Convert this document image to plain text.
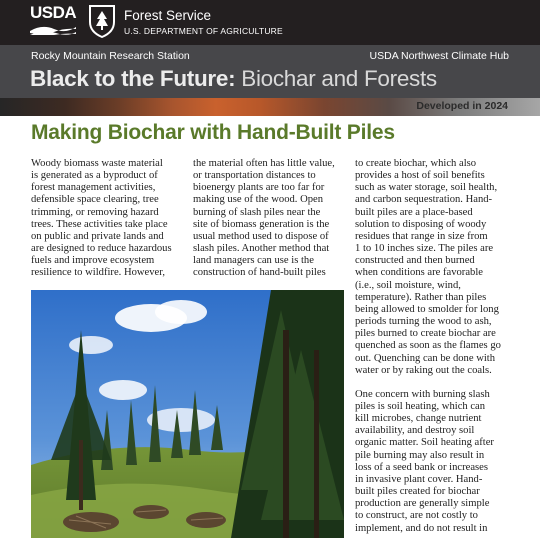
USDA	Forest Service
U.S. DEPARTMENT OF AGRICULTURE
Rocky Mountain Research Station	USDA Northwest Climate Hub
Black to the Future: Biochar and Forests
Developed in 2024
Making Biochar with Hand-Built Piles
Woody biomass waste material
is generated as a byproduct of
forest management activities,
defensible space clearing, tree
trimming, or removing hazard
trees. These activities take place
on public and private lands and
are designed to reduce hazardous
fuels and improve ecosystem
resilience to wildfire. However,
the material often has little value,
or transportation distances to
bioenergy plants are too far for
making use of the wood. Open
burning of slash piles near the
site of biomass generation is the
usual method used to dispose of
slash piles. Another method that
land managers can use is the
construction of hand-built piles
to create biochar, which also
provides a host of soil benefits
such as water storage, soil health,
and carbon sequestration. Hand-
built piles are a place-based
solution to disposing of woody
residues that range in size from
1 to 10 inches size. The piles are
constructed and then burned
when conditions are favorable
(i.e., soil moisture, wind,
temperature). Rather than piles
being allowed to smolder for long
periods turning the wood to ash,
piles burned to create biochar are
quenched as soon as the flames go
out. Quenching can be done with
water or by raking out the coals.
One concern with burning slash
piles is soil heating, which can
kill microbes, change nutrient
availability, and destroy soil
organic matter. Soil heating after
pile burning may also result in
loss of a seed bank or increases
in invasive plant cover. Hand-
built piles created for biochar
production are generally simple
to construct, are not costly to
implement, and do not result in
